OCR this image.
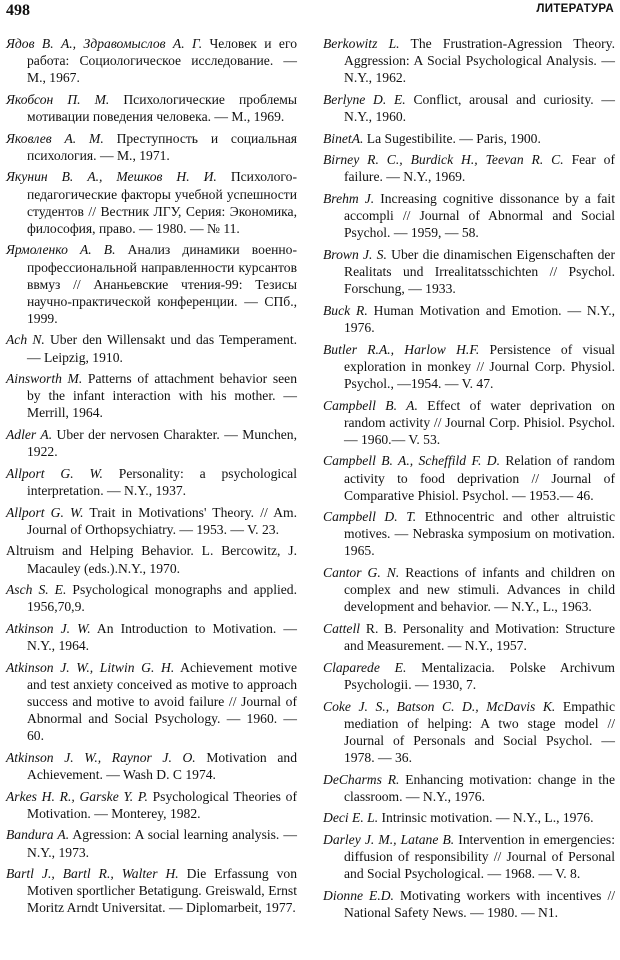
498	ЛИТЕРАТУРА
Ядов В. А., Здравомыслов А. Г. Человек и его работа: Социологическое исследование. — М., 1967.
Якобсон П. М. Психологические проблемы мотивации поведения человека. — М., 1969.
Яковлев А. М. Преступность и социальная психология. — М., 1971.
Якунин В. А., Мешков Н. И. Психолого-педагогические факторы учебной успешности студентов // Вестник ЛГУ, Серия: Экономика, философия, право. — 1980. — № 11.
Ярмоленко А. В. Анализ динамики военно-профессиональной направленности курсантов ввмуз // Ананьевские чтения-99: Тезисы научно-практической конференции. — СПб., 1999.
Ach N. Uber den Willensakt und das Temperament. — Leipzig, 1910.
Ainsworth M. Patterns of attachment behavior seen by the infant interaction with his mother. — Merrill, 1964.
Adler A. Uber der nervosen Charakter. — Munchen, 1922.
Allport G. W. Personality: a psychological interpretation. — N.Y., 1937.
Allport G. W. Trait in Motivations' Theory. // Am. Journal of Orthopsychiatry. — 1953. — V. 23.
Altruism and Helping Behavior. L. Bercowitz, J. Macauley (eds.).N.Y., 1970.
Asch S. E. Psychological monographs and applied. 1956,70,9.
Atkinson J. W. An Introduction to Motivation. — N.Y., 1964.
Atkinson J. W., Litwin G. H. Achievement motive and test anxiety conceived as motive to approach success and motive to avoid failure // Journal of Abnormal and Social Psychology. — 1960. — 60.
Atkinson J. W., Raynor J. O. Motivation and Achievement. — Wash D. C 1974.
Arkes H. R., Garske Y. P. Psychological Theories of Motivation. — Monterey, 1982.
Bandura A. Agression: A social learning analysis. — N.Y., 1973.
Bartl J., Bartl R., Walter H. Die Erfassung von Motiven sportlicher Betatigung. Greiswald, Ernst Moritz Arndt Universitat. — Diplomarbeit, 1977.
Berkowitz L. The Frustration-Agression Theory. Aggression: A Social Psychological Analysis. — N.Y., 1962.
Berlyne D. E. Conflict, arousal and curiosity. — N.Y., 1960.
BinetA. La Sugestibilite. — Paris, 1900.
Birney R. C., Burdick H., Teevan R. C. Fear of failure. — N.Y., 1969.
Brehm J. Increasing cognitive dissonance by a fait accompli // Journal of Abnormal and Social Psychol. — 1959, — 58.
Brown J. S. Uber die dinamischen Eigenschaften der Realitats und Irrealitatsschichten // Psychol. Forschung, — 1933.
Buck R. Human Motivation and Emotion. — N.Y., 1976.
Butler R.A., Harlow H.F. Persistence of visual exploration in monkey // Journal Corp. Physiol. Psychol., —1954. — V. 47.
Campbell B. A. Effect of water deprivation on random activity // Journal Corp. Phisiol. Psychol.— 1960.— V. 53.
Campbell B. A., Scheffild F. D. Relation of random activity to food deprivation // Journal of Comparative Phisiol. Psychol. — 1953.— 46.
Campbell D. T. Ethnocentric and other altruistic motives. — Nebraska symposium on motivation. 1965.
Cantor G. N. Reactions of infants and children on complex and new stimuli. Advances in child development and behavior. — N.Y., L., 1963.
Cattell R. B. Personality and Motivation: Structure and Measurement. — N.Y., 1957.
Claparede E. Mentalizacia. Polske Archivum Psychologii. — 1930, 7.
Coke J. S., Batson C. D., McDavis K. Empathic mediation of helping: A two stage model // Journal of Personals and Social Psychol. — 1978. — 36.
DeCharms R. Enhancing motivation: change in the classroom. — N.Y., 1976.
Deci E. L. Intrinsic motivation. — N.Y., L., 1976.
Darley J. M., Latane B. Intervention in emergencies: diffusion of responsibility // Journal of Personal and Social Psychological. — 1968. — V. 8.
Dionne E.D. Motivating workers with incentives // National Safety News. — 1980. — N1.
